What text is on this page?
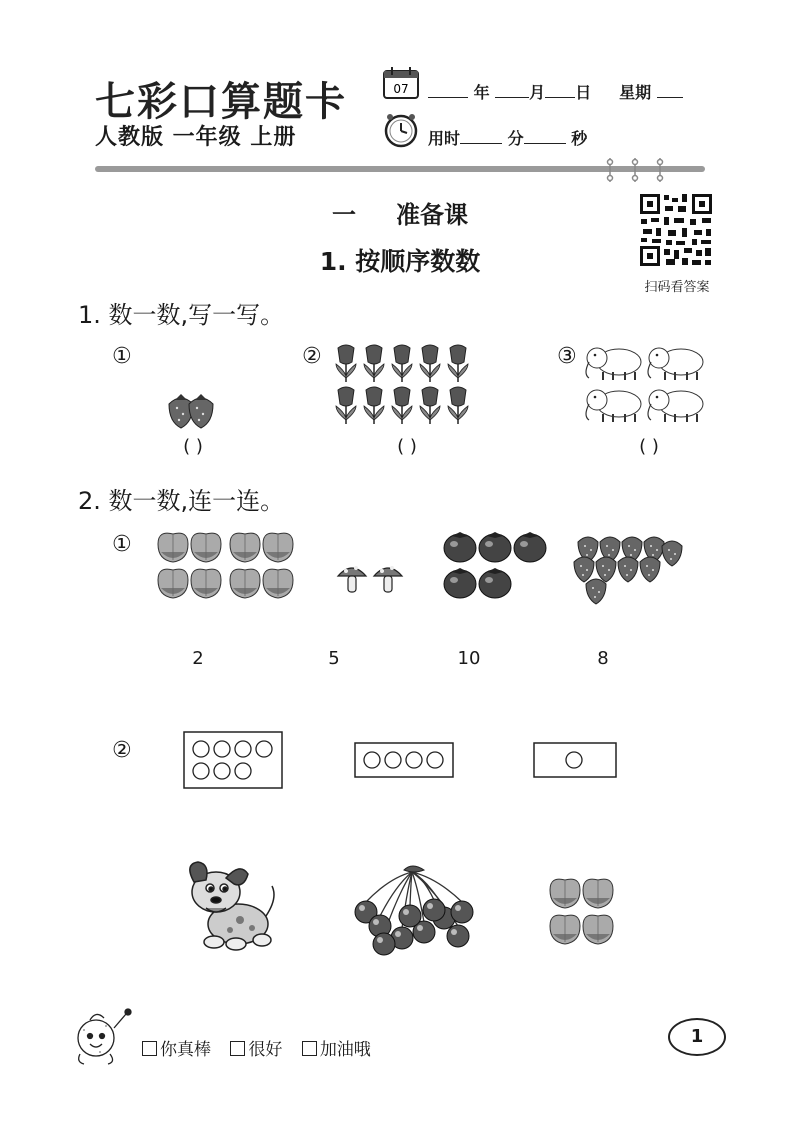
七彩口算题卡
人教版 一年级 上册
07	年 月 日 星期
用时	分	秒
一 准备课
1. 按顺序数数
扫码看答案
1. 数一数,写一写。
①	②	③
( )	( )	( )
2. 数一数,连一连。
①
2	5	10	8
②
你真棒 很好 加油哦
1
